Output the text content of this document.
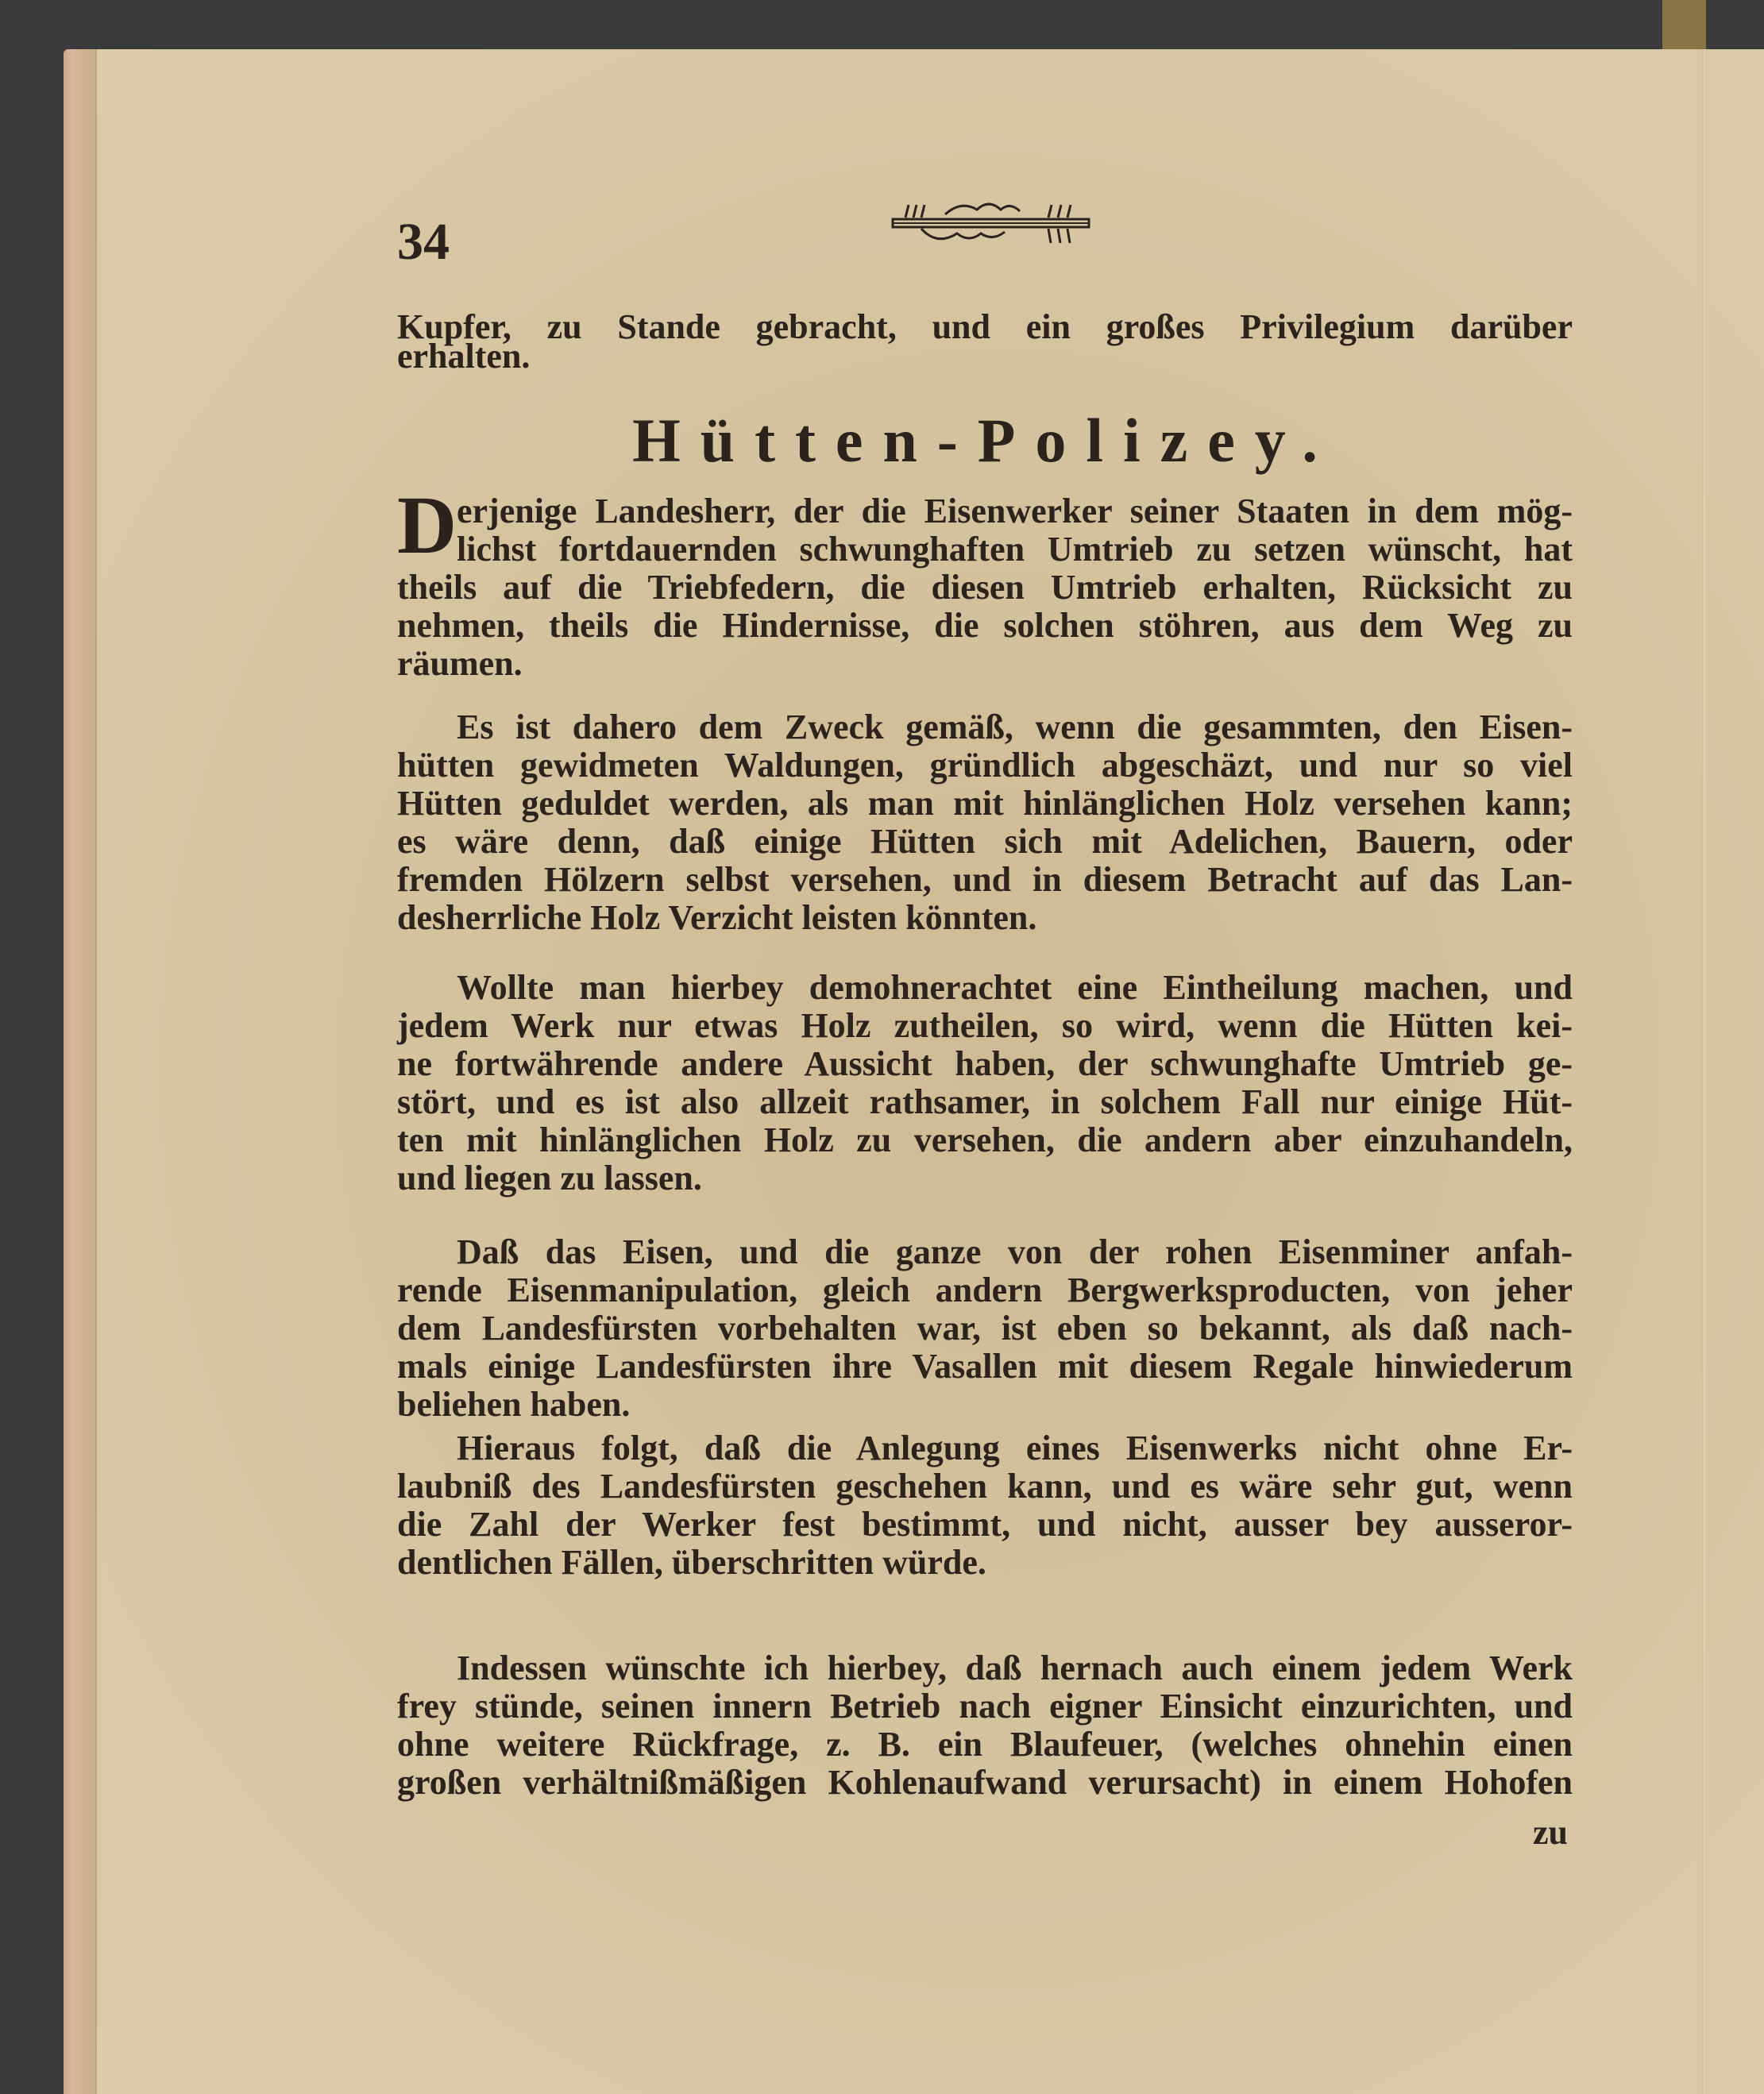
34
Hütten-Polizey.
Kupfer, zu Stande gebracht, und ein großes Privilegium darüber
erhalten.
erjenige Landesherr, der die Eisenwerker seiner Staaten in dem mög-
lichst fortdauernden schwunghaften Umtrieb zu setzen wünscht, hat
theils auf die Triebfedern, die diesen Umtrieb erhalten, Rücksicht zu
nehmen, theils die Hindernisse, die solchen stöhren, aus dem Weg zu
räumen.
D
Es ist dahero dem Zweck gemäß, wenn die gesammten, den Eisen-
hütten gewidmeten Waldungen, gründlich abgeschäzt, und nur so viel
Hütten geduldet werden, als man mit hinlänglichen Holz versehen kann;
es wäre denn, daß einige Hütten sich mit Adelichen, Bauern, oder
fremden Hölzern selbst versehen, und in diesem Betracht auf das Lan-
desherrliche Holz Verzicht leisten könnten.
Wollte man hierbey demohnerachtet eine Eintheilung machen, und
jedem Werk nur etwas Holz zutheilen, so wird, wenn die Hütten kei-
ne fortwährende andere Aussicht haben, der schwunghafte Umtrieb ge-
stört, und es ist also allzeit rathsamer, in solchem Fall nur einige Hüt-
ten mit hinlänglichen Holz zu versehen, die andern aber einzuhandeln,
und liegen zu lassen.
Daß das Eisen, und die ganze von der rohen Eisenminer anfah-
rende Eisenmanipulation, gleich andern Bergwerksproducten, von jeher
dem Landesfürsten vorbehalten war, ist eben so bekannt, als daß nach-
mals einige Landesfürsten ihre Vasallen mit diesem Regale hinwiederum
beliehen haben.
Hieraus folgt, daß die Anlegung eines Eisenwerks nicht ohne Er-
laubniß des Landesfürsten geschehen kann, und es wäre sehr gut, wenn
die Zahl der Werker fest bestimmt, und nicht, ausser bey ausseror-
dentlichen Fällen, überschritten würde.
Indessen wünschte ich hierbey, daß hernach auch einem jedem Werk
frey stünde, seinen innern Betrieb nach eigner Einsicht einzurichten, und
ohne weitere Rückfrage, z. B. ein Blaufeuer, (welches ohnehin einen
großen verhältnißmäßigen Kohlenaufwand verursacht) in einem Hohofen
zu
